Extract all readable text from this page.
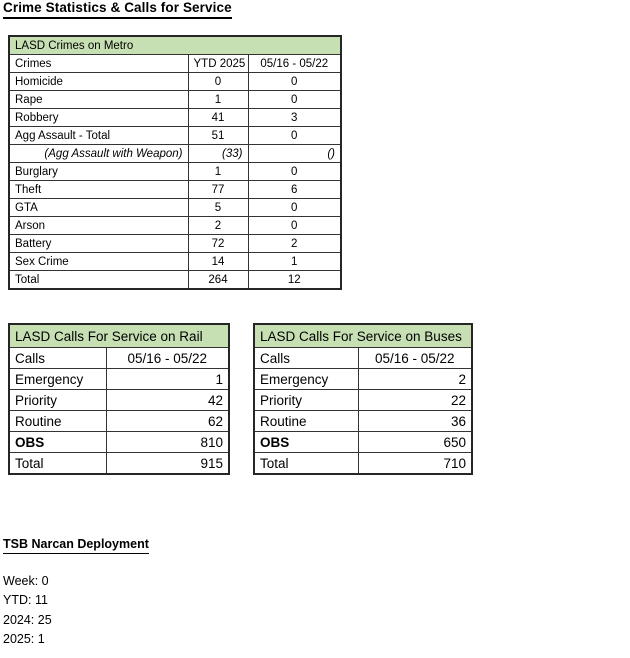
Crime Statistics & Calls for Service
LASD Crimes on Metro		
Crimes	YTD 2025	05/16 - 05/22
Homicide	0	0
Rape	1	0
Robbery	41	3
Agg Assault - Total	51	0
(Agg Assault with Weapon)	(33)	()
Burglary	1	0
Theft	77	6
GTA	5	0
Arson	2	0
Battery	72	2
Sex Crime	14	1
Total	264	12
LASD Calls For Service on Rail	
Calls	05/16 - 05/22
Emergency	1
Priority	42
Routine	62
OBS	810
Total	915
LASD Calls For Service on Buses	
Calls	05/16 - 05/22
Emergency	2
Priority	22
Routine	36
OBS	650
Total	710
TSB Narcan Deployment
Week: 0
YTD: 11
2024: 25
2025: 1
